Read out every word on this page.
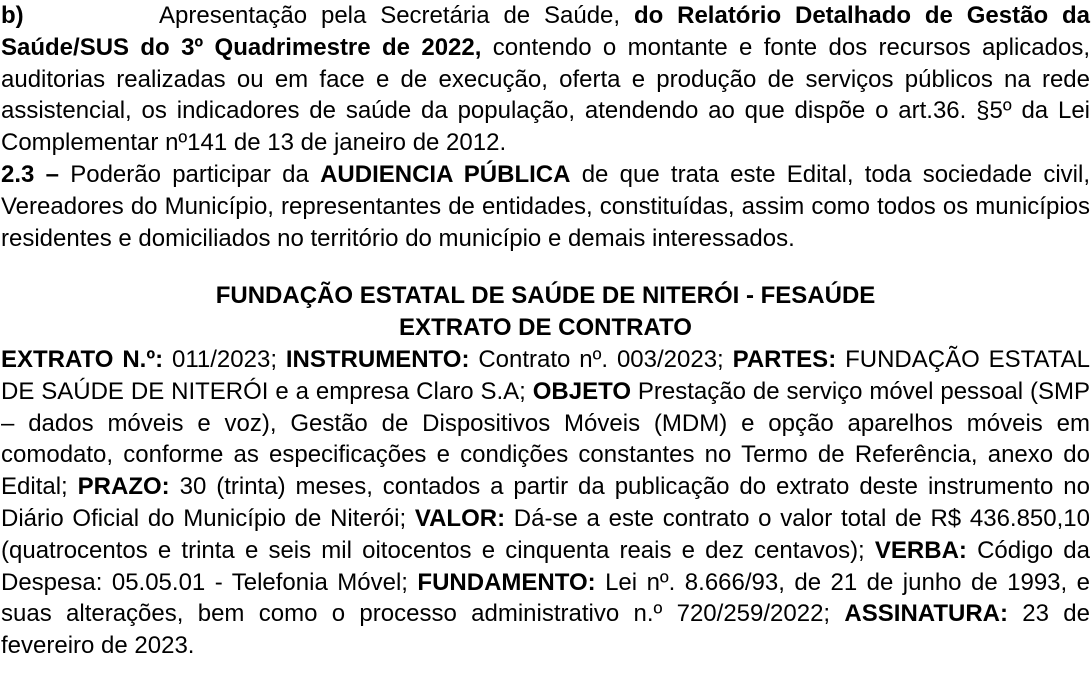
b)	Apresentação pela Secretária de Saúde, do Relatório Detalhado de Gestão da Saúde/SUS do 3º Quadrimestre de 2022, contendo o montante e fonte dos recursos aplicados, auditorias realizadas ou em face e de execução, oferta e produção de serviços públicos na rede assistencial, os indicadores de saúde da população, atendendo ao que dispõe o art.36. §5º da Lei Complementar nº141 de 13 de janeiro de 2012.

2.3 – Poderão participar da AUDIENCIA PÚBLICA de que trata este Edital, toda sociedade civil, Vereadores do Município, representantes de entidades, constituídas, assim como todos os municípios residentes e domiciliados no território do município e demais interessados.

FUNDAÇÃO ESTATAL DE SAÚDE DE NITERÓI - FESAÚDE
EXTRATO DE CONTRATO

EXTRATO N.º: 011/2023; INSTRUMENTO: Contrato nº. 003/2023; PARTES: FUNDAÇÃO ESTATAL DE SAÚDE DE NITERÓI e a empresa Claro S.A; OBJETO Prestação de serviço móvel pessoal (SMP – dados móveis e voz), Gestão de Dispositivos Móveis (MDM) e opção aparelhos móveis em comodato, conforme as especificações e condições constantes no Termo de Referência, anexo do Edital; PRAZO: 30 (trinta) meses, contados a partir da publicação do extrato deste instrumento no Diário Oficial do Município de Niterói; VALOR: Dá-se a este contrato o valor total de R$ 436.850,10 (quatrocentos e trinta e seis mil oitocentos e cinquenta reais e dez centavos); VERBA: Código da Despesa: 05.05.01 - Telefonia Móvel; FUNDAMENTO: Lei nº. 8.666/93, de 21 de junho de 1993, e suas alterações, bem como o processo administrativo n.º 720/259/2022; ASSINATURA: 23 de fevereiro de 2023.
